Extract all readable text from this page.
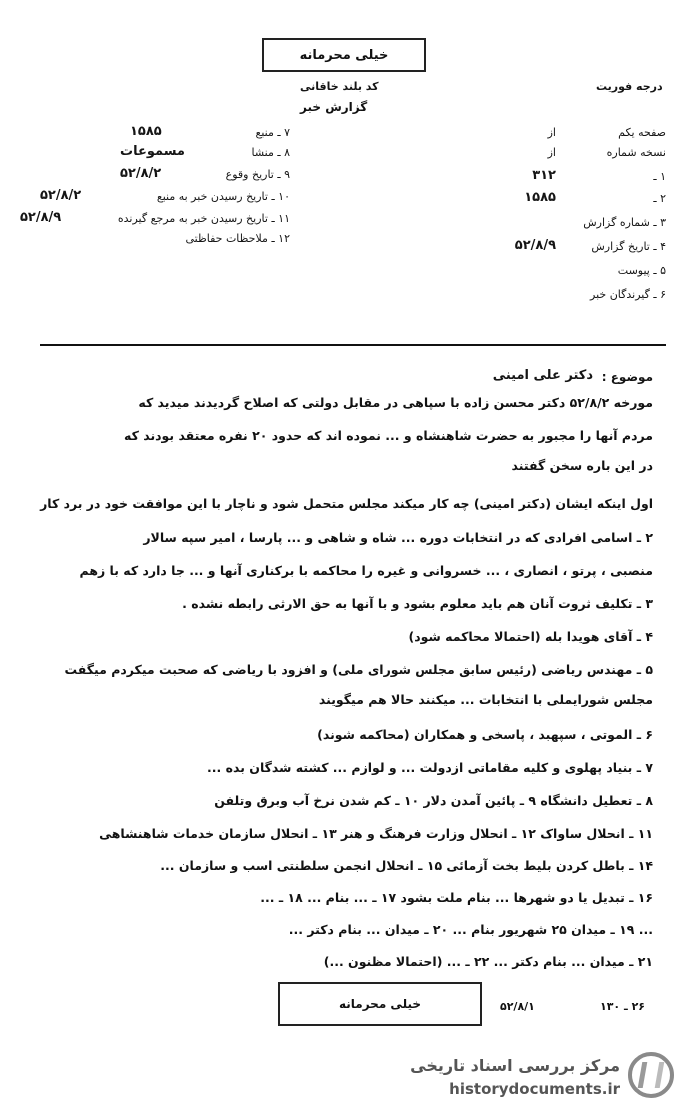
خیلی محرمانه
کد بلند خاقانی	درجه فوریت
گزارش خبر
۷ ـ منبع
۱۵۸۵
۸ ـ منشا
مسموعات
۹ ـ تاریخ وقوع
۵۲/۸/۲
۱۰ ـ تاریخ رسیدن خبر به منبع
۵۲/۸/۲
۱۱ ـ تاریخ رسیدن خبر به مرجع گیرنده
۵۲/۸/۹
۱۲ ـ ملاحظات حفاظتی
صفحه یکم
از
نسخه شماره
از
۱ ـ
۳۱۲
۲ ـ
۱۵۸۵
۳ ـ شماره گزارش
۴ ـ تاریخ گزارش
۵۲/۸/۹
۵ ـ پیوست
۶ ـ گیرندگان خبر
موضوع :
دکتر علی امینی
مورخه ۵۲/۸/۲ دکتر محسن زاده با سپاهی در مقابل دولتی که اصلاح گردیدند میدید که
مردم آنها را مجبور به حضرت شاهنشاه و ... نموده اند که حدود ۲۰ نفره معتقد بودند که
در این باره سخن گفتند
اول اینکه ایشان (دکتر امینی) چه کار میکند مجلس متحمل شود و ناچار با این موافقت خود در برد کار
۲ ـ اسامی افرادی که در انتخابات دوره ... شاه و شاهی و ... پارسا ، امیر سپه سالار
منصبی ، پرتو ، انصاری ، ... خسروانی و غیره را محاکمه با برکناری آنها و ... جا دارد که با زهم
۳ ـ تکلیف ثروت آنان هم باید معلوم بشود و با آنها به حق الارثی رابطه نشده .
۴ ـ آقای هویدا بله (احتمالا محاکمه شود)
۵ ـ مهندس ریاضی (رئیس سابق مجلس شورای ملی) و افزود با ریاضی که صحبت میکردم میگفت
مجلس شورایملی با انتخابات ... میکنند حالا هم میگویند
۶ ـ الموتی ، سپهبد ، پاسخی و همکاران (محاکمه شوند)
۷ ـ بنیاد پهلوی و کلیه مقاماتی ازدولت ... و لوازم ... کشته شدگان بده ...
۸ ـ تعطیل دانشگاه ۹ ـ پائین آمدن دلار ۱۰ ـ کم شدن نرخ آب وبرق وتلفن
۱۱ ـ انحلال ساواک ۱۲ ـ انحلال وزارت فرهنگ و هنر ۱۳ ـ انحلال سازمان خدمات شاهنشاهی
۱۴ ـ باطل کردن بلیط بخت آزمائی ۱۵ ـ انحلال انجمن سلطنتی اسب و سازمان ...
۱۶ ـ تبدیل یا دو شهرها ... بنام ملت بشود ۱۷ ـ ... بنام ... ۱۸ ـ ...
... ۱۹ ـ میدان ۲۵ شهریور بنام ... ۲۰ ـ میدان ... بنام دکتر ...
۲۱ ـ میدان ... بنام دکتر ... ۲۲ ـ ... (احتمالا مظنون ...)
خیلی محرمانه	۲۶ ـ ۱۳۰
۵۲/۸/۱
مرکز بررسی اسناد تاریخی
historydocuments.ir
